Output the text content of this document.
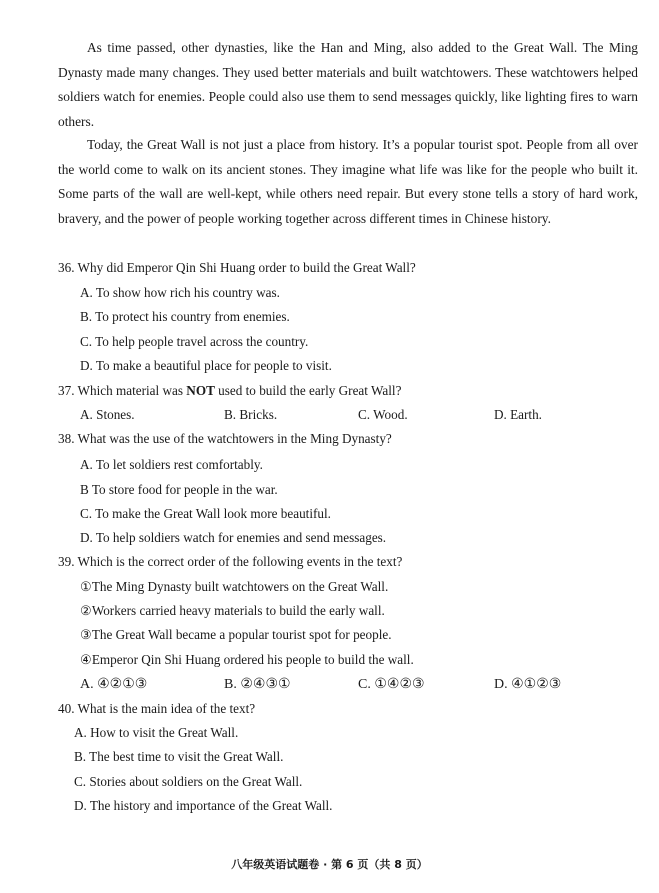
As time passed, other dynasties, like the Han and Ming, also added to the Great Wall. The Ming Dynasty made many changes. They used better materials and built watchtowers. These watchtowers helped soldiers watch for enemies. People could also use them to send messages quickly, like lighting fires to warn others.

Today, the Great Wall is not just a place from history. It’s a popular tourist spot. People from all over the world come to walk on its ancient stones. They imagine what life was like for the people who built it. Some parts of the wall are well-kept, while others need repair. But every stone tells a story of hard work, bravery, and the power of people working together across different times in Chinese history.

36. Why did Emperor Qin Shi Huang order to build the Great Wall?
A. To show how rich his country was.
B. To protect his country from enemies.
C. To help people travel across the country.
D. To make a beautiful place for people to visit.
37. Which material was NOT used to build the early Great Wall?
A. Stones.	B. Bricks.	C. Wood.	D. Earth.
38. What was the use of the watchtowers in the Ming Dynasty?
A. To let soldiers rest comfortably.
B To store food for people in the war.
C. To make the Great Wall look more beautiful.
D. To help soldiers watch for enemies and send messages.
39. Which is the correct order of the following events in the text?
①The Ming Dynasty built watchtowers on the Great Wall.
②Workers carried heavy materials to build the early wall.
③The Great Wall became a popular tourist spot for people.
④Emperor Qin Shi Huang ordered his people to build the wall.
A. ④②①③	B. ②④③①	C. ①④②③	D. ④①②③
40. What is the main idea of the text?
A. How to visit the Great Wall.
B. The best time to visit the Great Wall.
C. Stories about soldiers on the Great Wall.
D. The history and importance of the Great Wall.
八年级英语试题卷 · 第 6 页（共 8 页）
